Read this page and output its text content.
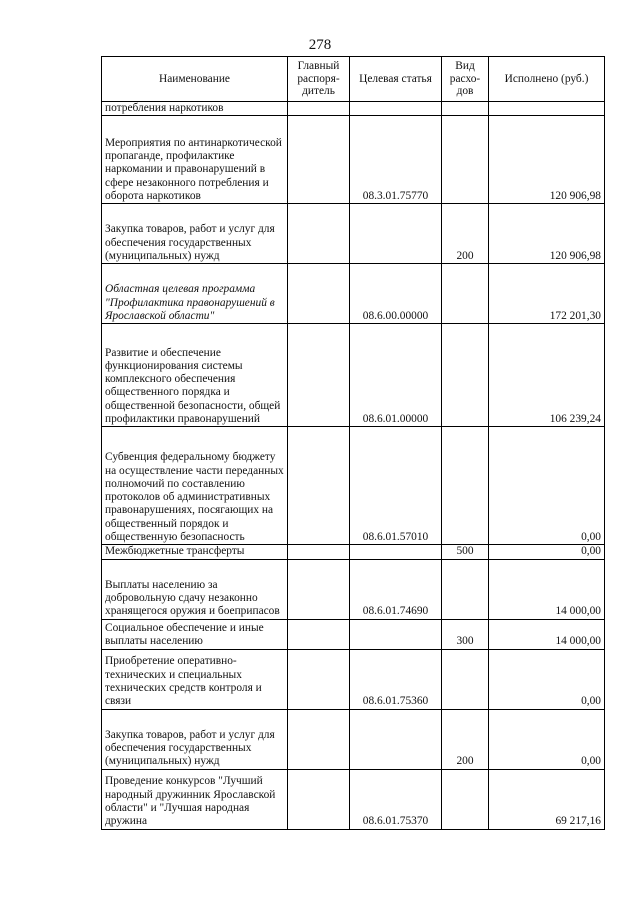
278
Наименование	Главный распоря-дитель	Целевая статья	Вид расхо-дов	Исполнено (руб.)
потребления наркотиков				
Мероприятия по антинаркотической пропаганде, профилактике наркомании и правонарушений в сфере незаконного потребления и оборота наркотиков		08.3.01.75770		120 906,98
Закупка товаров, работ и услуг для обеспечения государственных (муниципальных) нужд			200	120 906,98
Областная целевая программа "Профилактика правонарушений в Ярославской области"		08.6.00.00000		172 201,30
Развитие и обеспечение функционирования системы комплексного обеспечения общественного порядка и общественной безопасности, общей профилактики правонарушений		08.6.01.00000		106 239,24
Субвенция федеральному бюджету на осуществление части переданных полномочий по составлению протоколов об административных правонарушениях, посягающих на общественный порядок и общественную безопасность		08.6.01.57010		0,00
Межбюджетные трансферты			500	0,00
Выплаты населению за добровольную сдачу незаконно хранящегося оружия и боеприпасов		08.6.01.74690		14 000,00
Социальное обеспечение и иные выплаты населению			300	14 000,00
Приобретение оперативно-технических и специальных технических средств контроля и связи		08.6.01.75360		0,00
Закупка товаров, работ и услуг для обеспечения государственных (муниципальных) нужд			200	0,00
Проведение конкурсов "Лучший народный дружинник Ярославской области" и "Лучшая народная дружина		08.6.01.75370		69 217,16
